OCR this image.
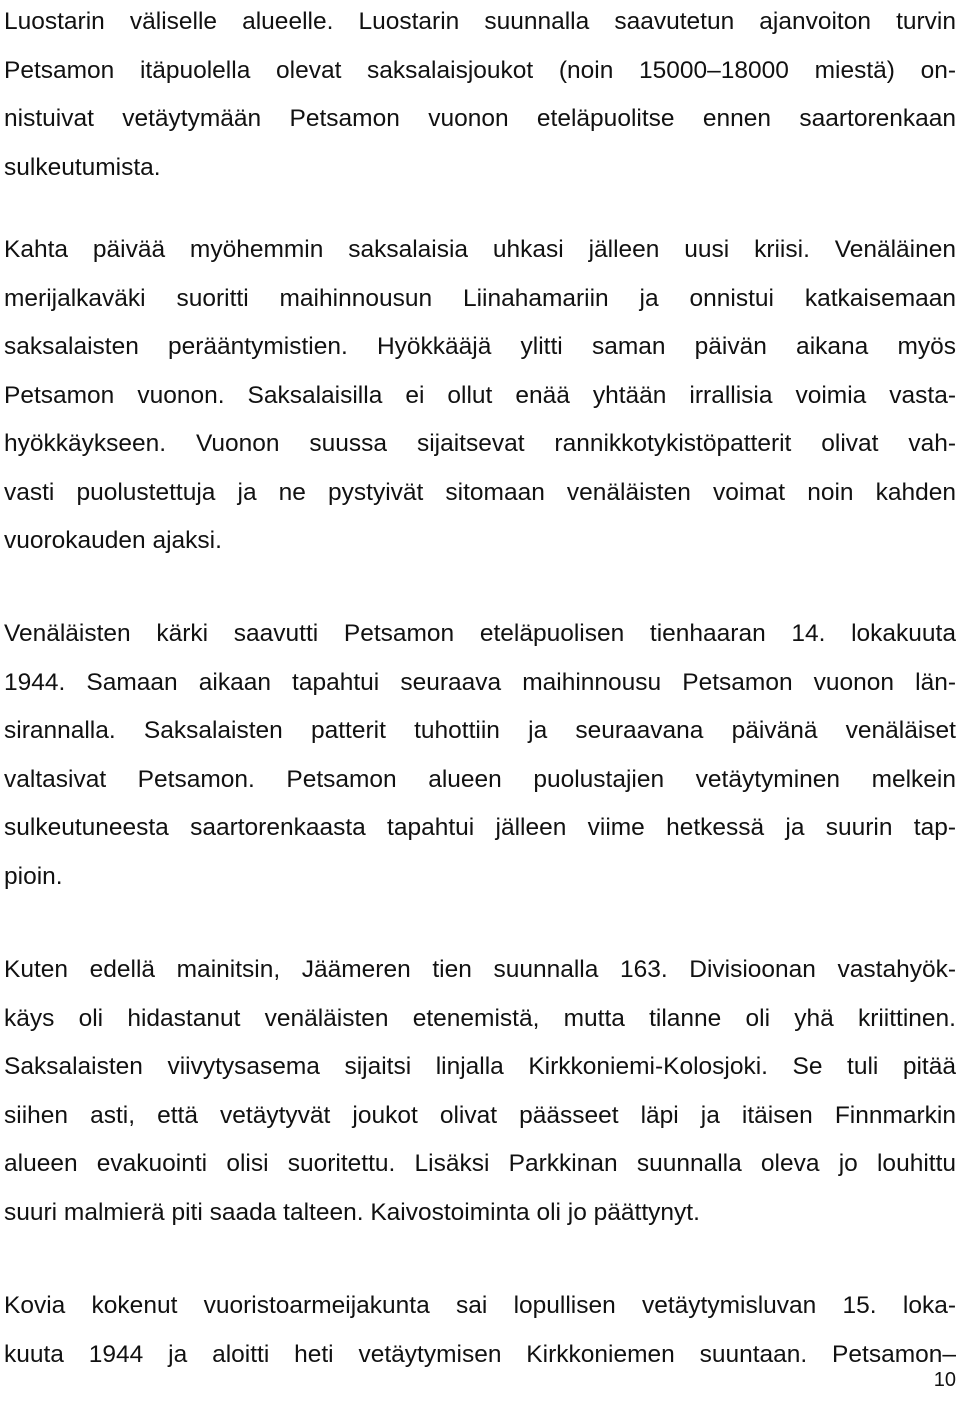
Luostarin väliselle alueelle. Luostarin suunnalla saavutetun ajanvoiton turvin
Petsamon itäpuolella olevat saksalaisjoukot (noin 15000–18000 miestä) on-
nistuivat vetäytymään Petsamon vuonon eteläpuolitse ennen saartorenkaan
sulkeutumista.
Kahta päivää myöhemmin saksalaisia uhkasi jälleen uusi kriisi. Venäläinen
merijalkaväki suoritti maihinnousun Liinahamariin ja onnistui katkaisemaan
saksalaisten perääntymistien. Hyökkääjä ylitti saman päivän aikana myös
Petsamon vuonon. Saksalaisilla ei ollut enää yhtään irrallisia voimia vasta-
hyökkäykseen. Vuonon suussa sijaitsevat rannikkotykistöpatterit olivat vah-
vasti puolustettuja ja ne pystyivät sitomaan venäläisten voimat noin kahden
vuorokauden ajaksi.
Venäläisten kärki saavutti Petsamon eteläpuolisen tienhaaran 14. lokakuuta
1944. Samaan aikaan tapahtui seuraava maihinnousu Petsamon vuonon län-
sirannalla. Saksalaisten patterit tuhottiin ja seuraavana päivänä venäläiset
valtasivat Petsamon. Petsamon alueen puolustajien vetäytyminen melkein
sulkeutuneesta saartorenkaasta tapahtui jälleen viime hetkessä ja suurin tap-
pioin.
Kuten edellä mainitsin, Jäämeren tien suunnalla 163. Divisioonan vastahyök-
käys oli hidastanut venäläisten etenemistä, mutta tilanne oli yhä kriittinen.
Saksalaisten viivytysasema sijaitsi linjalla Kirkkoniemi-Kolosjoki. Se tuli pitää
siihen asti, että vetäytyvät joukot olivat päässeet läpi ja itäisen Finnmarkin
alueen evakuointi olisi suoritettu. Lisäksi Parkkinan suunnalla oleva jo louhittu
suuri malmierä piti saada talteen. Kaivostoiminta oli jo päättynyt.
Kovia kokenut vuoristoarmeijakunta sai lopullisen vetäytymisluvan 15. loka-
kuuta 1944 ja aloitti heti vetäytymisen Kirkkoniemen suuntaan. Petsamon–
10
